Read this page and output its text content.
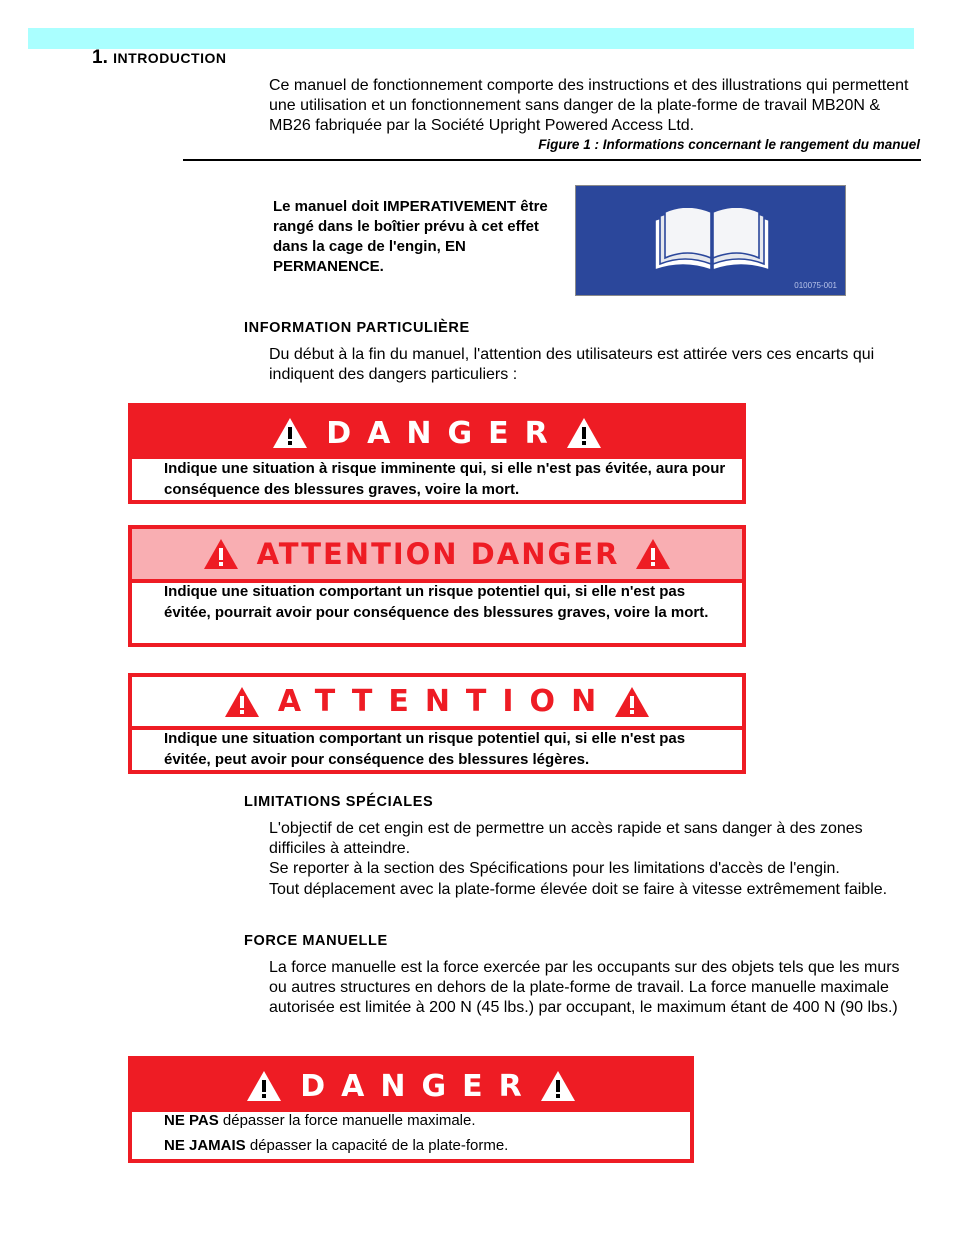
1. INTRODUCTION

Ce manuel de fonctionnement comporte des instructions et des illustrations qui permettent une utilisation et un fonctionnement sans danger de la plate-forme de travail MB20N & MB26 fabriquée par la Société Upright Powered Access Ltd.

Figure 1 : Informations concernant le rangement du manuel
Le manuel doit IMPERATIVEMENT être rangé dans le boîtier prévu à cet effet dans la cage de l'engin, EN PERMANENCE.
010075-001
INFORMATION PARTICULIÈRE

Du début à la fin du manuel, l'attention des utilisateurs est attirée vers ces encarts qui indiquent des dangers particuliers :

DANGER
Indique une situation à risque imminente qui, si elle n'est pas évitée, aura pour conséquence des blessures graves, voire la mort.
ATTENTION DANGER
Indique une situation comportant un risque potentiel qui, si elle n'est pas évitée, pourrait avoir pour conséquence des blessures graves, voire la mort.
ATTENTION
Indique une situation comportant un risque potentiel qui, si elle n'est pas évitée, peut avoir pour conséquence des blessures légères.
LIMITATIONS SPÉCIALES

L'objectif de cet engin est de permettre un accès rapide et sans danger à des zones difficiles à atteindre.

Se reporter à la section des Spécifications pour les limitations d'accès de l'engin.

Tout déplacement avec la plate-forme élevée doit se faire à vitesse extrêmement faible.

FORCE MANUELLE

La force manuelle est la force exercée par les occupants sur des objets tels que les murs ou autres structures en dehors de la plate-forme de travail. La force manuelle maximale autorisée est limitée à 200 N (45 lbs.) par occupant, le maximum étant de 400 N (90 lbs.)

DANGER
NE PAS dépasser la force manuelle maximale.
NE JAMAIS dépasser la capacité de la plate-forme.
